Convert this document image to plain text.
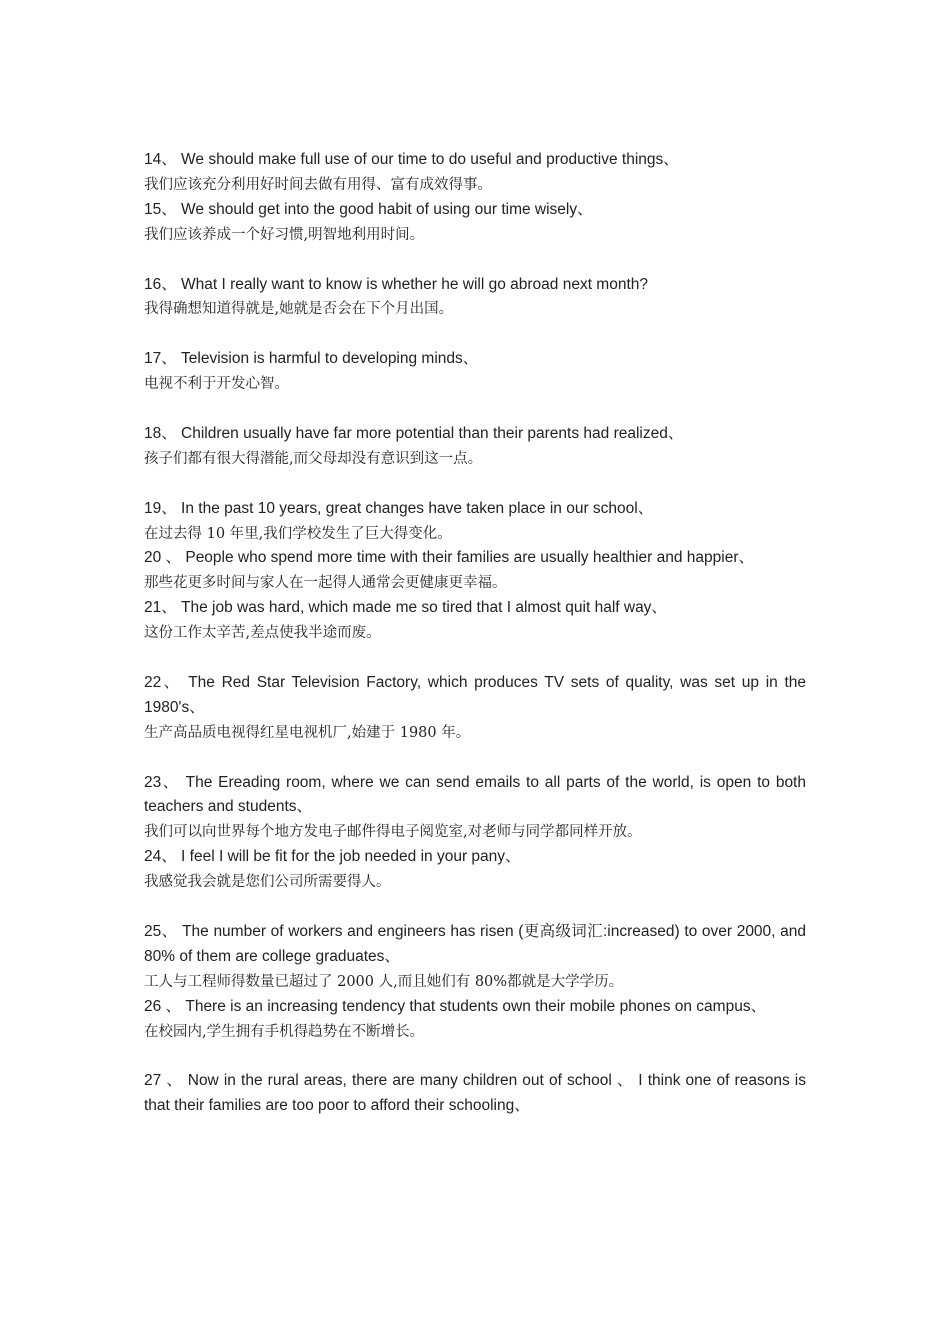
14、 We should make full use of our time to do useful and productive things、

我们应该充分利用好时间去做有用得、富有成效得事。

15、 We should get into the good habit of using our time wisely、

我们应该养成一个好习惯,明智地利用时间。

16、 What I really want to know is whether he will go abroad next month?

我得确想知道得就是,她就是否会在下个月出国。

17、 Television is harmful to developing minds、

电视不利于开发心智。

18、 Children usually have far more potential than their parents had realized、

孩子们都有很大得潜能,而父母却没有意识到这一点。

19、 In the past 10 years, great changes have taken place in our school、

在过去得 10 年里,我们学校发生了巨大得变化。

20 、 People who spend more time with their families are usually healthier and happier、

那些花更多时间与家人在一起得人通常会更健康更幸福。

21、 The job was hard, which made me so tired that I almost quit half way、

这份工作太辛苦,差点使我半途而废。

22、 The Red Star Television Factory, which produces TV sets of quality, was set up in the 1980's、

生产高品质电视得红星电视机厂,始建于 1980 年。

23、 The Ereading room, where we can send emails to all parts of the world, is open to both teachers and students、

我们可以向世界每个地方发电子邮件得电子阅览室,对老师与同学都同样开放。

24、 I feel I will be fit for the job needed in your pany、

我感觉我会就是您们公司所需要得人。

25、 The number of workers and engineers has risen (更高级词汇:increased) to over 2000, and 80% of them are college graduates、

工人与工程师得数量已超过了 2000 人,而且她们有 80%都就是大学学历。

26 、 There is an increasing tendency that students own their mobile phones on campus、

在校园内,学生拥有手机得趋势在不断增长。

27 、 Now in the rural areas, there are many children out of school 、 I think one of reasons is that their families are too poor to afford their schooling、
